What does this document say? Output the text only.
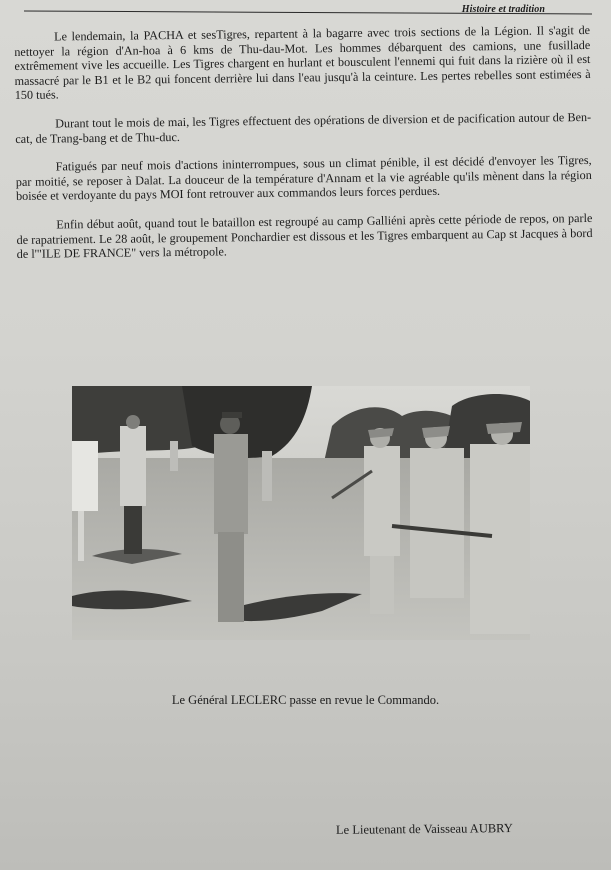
Histoire et tradition

Le lendemain, la PACHA et sesTigres, repartent à la bagarre avec trois sections de la Légion. Il s'agit de nettoyer la région d'An-hoa à 6 kms de Thu-dau-Mot. Les hommes débarquent des camions, une fusillade extrêmement vive les accueille. Les Tigres chargent en hurlant et bousculent l'ennemi qui fuit dans la rizière où il est massacré par le B1 et le B2 qui foncent derrière lui dans l'eau jusqu'à la ceinture. Les pertes rebelles sont estimées à 150 tués.

Durant tout le mois de mai, les Tigres effectuent des opérations de diversion et de pacification autour de Ben-cat, de Trang-bang et de Thu-duc.

Fatigués par neuf mois d'actions ininterrompues, sous un climat pénible, il est décidé d'envoyer les Tigres, par moitié, se reposer à Dalat. La douceur de la température d'Annam et la vie agréable qu'ils mènent dans la région boisée et verdoyante du pays MOI font retrouver aux commandos leurs forces perdues.

Enfin début août, quand tout le bataillon est regroupé au camp Galliéni après cette période de repos, on parle de rapatriement. Le 28 août, le groupement Ponchardier est dissous et les Tigres embarquent au Cap st Jacques à bord de l'"ILE DE FRANCE" vers la métropole.

Le Général LECLERC passe en revue le Commando.
Le Lieutenant de Vaisseau AUBRY
